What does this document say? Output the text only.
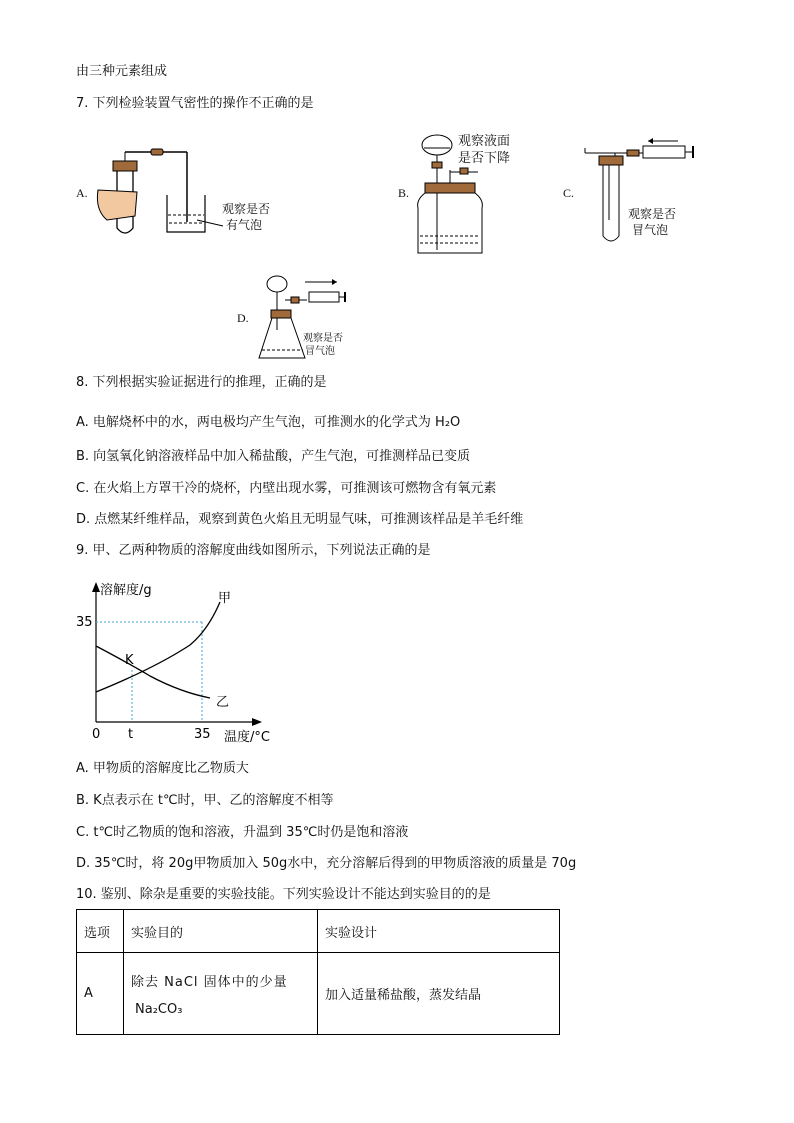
由三种元素组成
7. 下列检验装置气密性的操作不正确的是
A.
观察是否
有气泡
B.
观察液面
是否下降
C.
观察是否
冒气泡
D.
观察是否
冒气泡
8. 下列根据实验证据进行的推理，正确的是
A. 电解烧杯中的水，两电极均产生气泡，可推测水的化学式为 H₂O
B. 向氢氧化钠溶液样品中加入稀盐酸，产生气泡，可推测样品已变质
C. 在火焰上方罩干冷的烧杯，内壁出现水雾，可推测该可燃物含有氧元素
D. 点燃某纤维样品，观察到黄色火焰且无明显气味，可推测该样品是羊毛纤维
9. 甲、乙两种物质的溶解度曲线如图所示，下列说法正确的是
溶解度/g
35
0 t	35 温度/°C
K
甲
乙
A. 甲物质的溶解度比乙物质大
B. K点表示在 t℃时，甲、乙的溶解度不相等
C. t℃时乙物质的饱和溶液，升温到 35℃时仍是饱和溶液
D. 35℃时，将 20g甲物质加入 50g水中，充分溶解后得到的甲物质溶液的质量是 70g
10. 鉴别、除杂是重要的实验技能。下列实验设计不能达到实验目的的是
选项	实验目的	实验设计
A	除去 NaCl 固体中的少量
Na₂CO₃	加入适量稀盐酸，蒸发结晶
